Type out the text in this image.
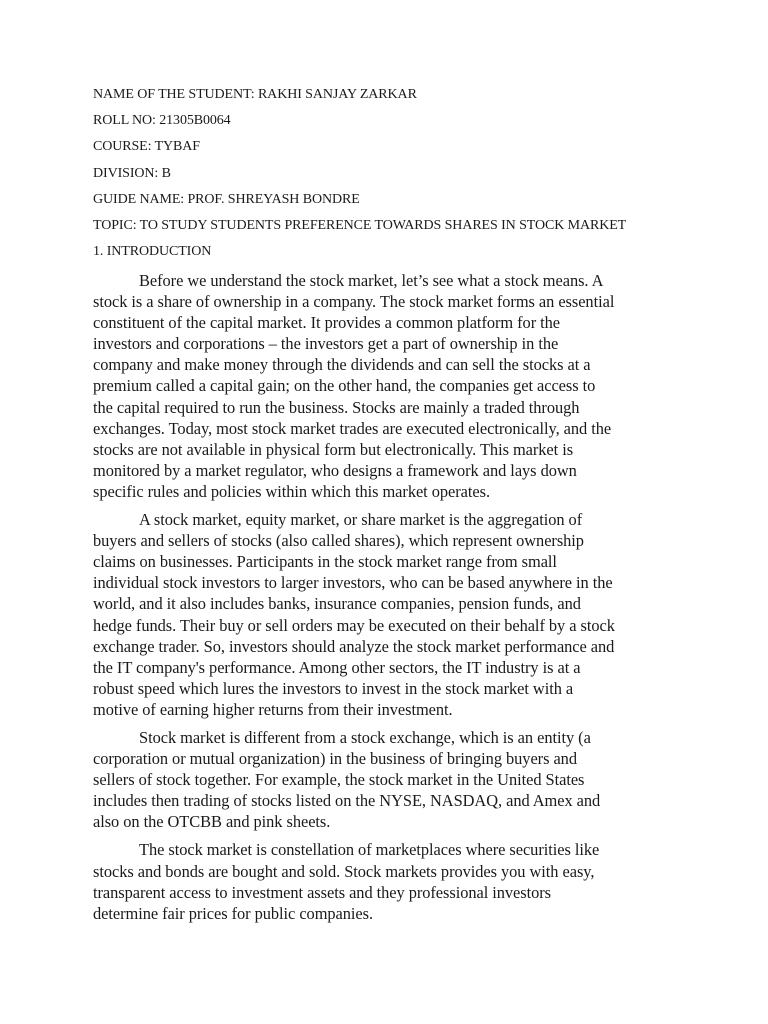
NAME OF THE STUDENT: RAKHI SANJAY ZARKAR
ROLL NO: 21305B0064
COURSE: TYBAF
DIVISION: B
GUIDE NAME: PROF. SHREYASH BONDRE
TOPIC: TO STUDY STUDENTS PREFERENCE TOWARDS SHARES IN STOCK MARKET
1. INTRODUCTION

Before we understand the stock market, let’s see what a stock means. A
stock is a share of ownership in a company. The stock market forms an essential
constituent of the capital market. It provides a common platform for the
investors and corporations – the investors get a part of ownership in the
company and make money through the dividends and can sell the stocks at a
premium called a capital gain; on the other hand, the companies get access to
the capital required to run the business. Stocks are mainly a traded through
exchanges. Today, most stock market trades are executed electronically, and the
stocks are not available in physical form but electronically. This market is
monitored by a market regulator, who designs a framework and lays down
specific rules and policies within which this market operates.

A stock market, equity market, or share market is the aggregation of
buyers and sellers of stocks (also called shares), which represent ownership
claims on businesses. Participants in the stock market range from small
individual stock investors to larger investors, who can be based anywhere in the
world, and it also includes banks, insurance companies, pension funds, and
hedge funds. Their buy or sell orders may be executed on their behalf by a stock
exchange trader. So, investors should analyze the stock market performance and
the IT company's performance. Among other sectors, the IT industry is at a
robust speed which lures the investors to invest in the stock market with a
motive of earning higher returns from their investment.

Stock market is different from a stock exchange, which is an entity (a
corporation or mutual organization) in the business of bringing buyers and
sellers of stock together. For example, the stock market in the United States
includes then trading of stocks listed on the NYSE, NASDAQ, and Amex and
also on the OTCBB and pink sheets.

The stock market is constellation of marketplaces where securities like
stocks and bonds are bought and sold. Stock markets provides you with easy,
transparent access to investment assets and they professional investors
determine fair prices for public companies.
